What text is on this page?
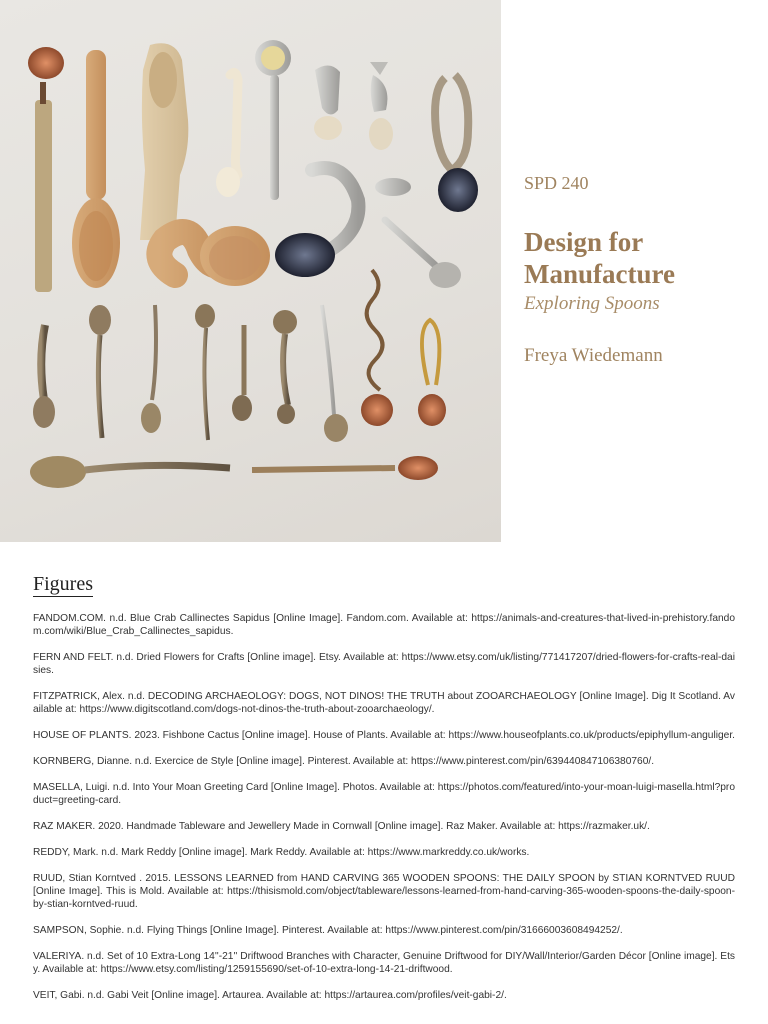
SPD 240
Design for Manufacture
Exploring Spoons
Freya Wiedemann
Figures
FANDOM.COM. n.d. Blue Crab Callinectes Sapidus [Online Image]. Fandom.com. Available at: https://animals-and-creatures-that-lived-in-prehistory.fandom.com/wiki/Blue_Crab_Callinectes_sapidus.
FERN AND FELT. n.d. Dried Flowers for Crafts [Online image]. Etsy. Available at: https://www.etsy.com/uk/listing/771417207/dried-flowers-for-crafts-real-daisies.
FITZPATRICK, Alex. n.d. DECODING ARCHAEOLOGY: DOGS, NOT DINOS! THE TRUTH about ZOOARCHAEOLOGY [Online Image]. Dig It Scotland. Available at: https://www.digitscotland.com/dogs-not-dinos-the-truth-about-zooarchaeology/.
HOUSE OF PLANTS. 2023. Fishbone Cactus [Online image]. House of Plants. Available at: https://www.houseofplants.co.uk/products/epiphyllum-anguliger.
KORNBERG, Dianne. n.d. Exercice de Style [Online image]. Pinterest. Available at: https://www.pinterest.com/pin/639440847106380760/.
MASELLA, Luigi. n.d. Into Your Moan Greeting Card [Online Image]. Photos. Available at: https://photos.com/featured/into-your-moan-luigi-masella.html?product=greeting-card.
RAZ MAKER. 2020. Handmade Tableware and Jewellery Made in Cornwall [Online image]. Raz Maker. Available at: https://razmaker.uk/.
REDDY, Mark. n.d. Mark Reddy [Online image]. Mark Reddy. Available at: https://www.markreddy.co.uk/works.
RUUD, Stian Korntved . 2015. LESSONS LEARNED from HAND CARVING 365 WOODEN SPOONS: THE DAILY SPOON by STIAN KORNTVED RUUD [Online Image]. This is Mold. Available at: https://thisismold.com/object/tableware/lessons-learned-from-hand-carving-365-wooden-spoons-the-daily-spoon-by-stian-korntved-ruud.
SAMPSON, Sophie. n.d. Flying Things [Online Image]. Pinterest. Available at: https://www.pinterest.com/pin/31666003608494252/.
VALERIYA. n.d. Set of 10 Extra-Long 14''-21'' Driftwood Branches with Character, Genuine Driftwood for DIY/Wall/Interior/Garden Décor [Online image]. Etsy. Available at: https://www.etsy.com/listing/1259155690/set-of-10-extra-long-14-21-driftwood.
VEIT, Gabi. n.d. Gabi Veit [Online image]. Artaurea. Available at: https://artaurea.com/profiles/veit-gabi-2/.
